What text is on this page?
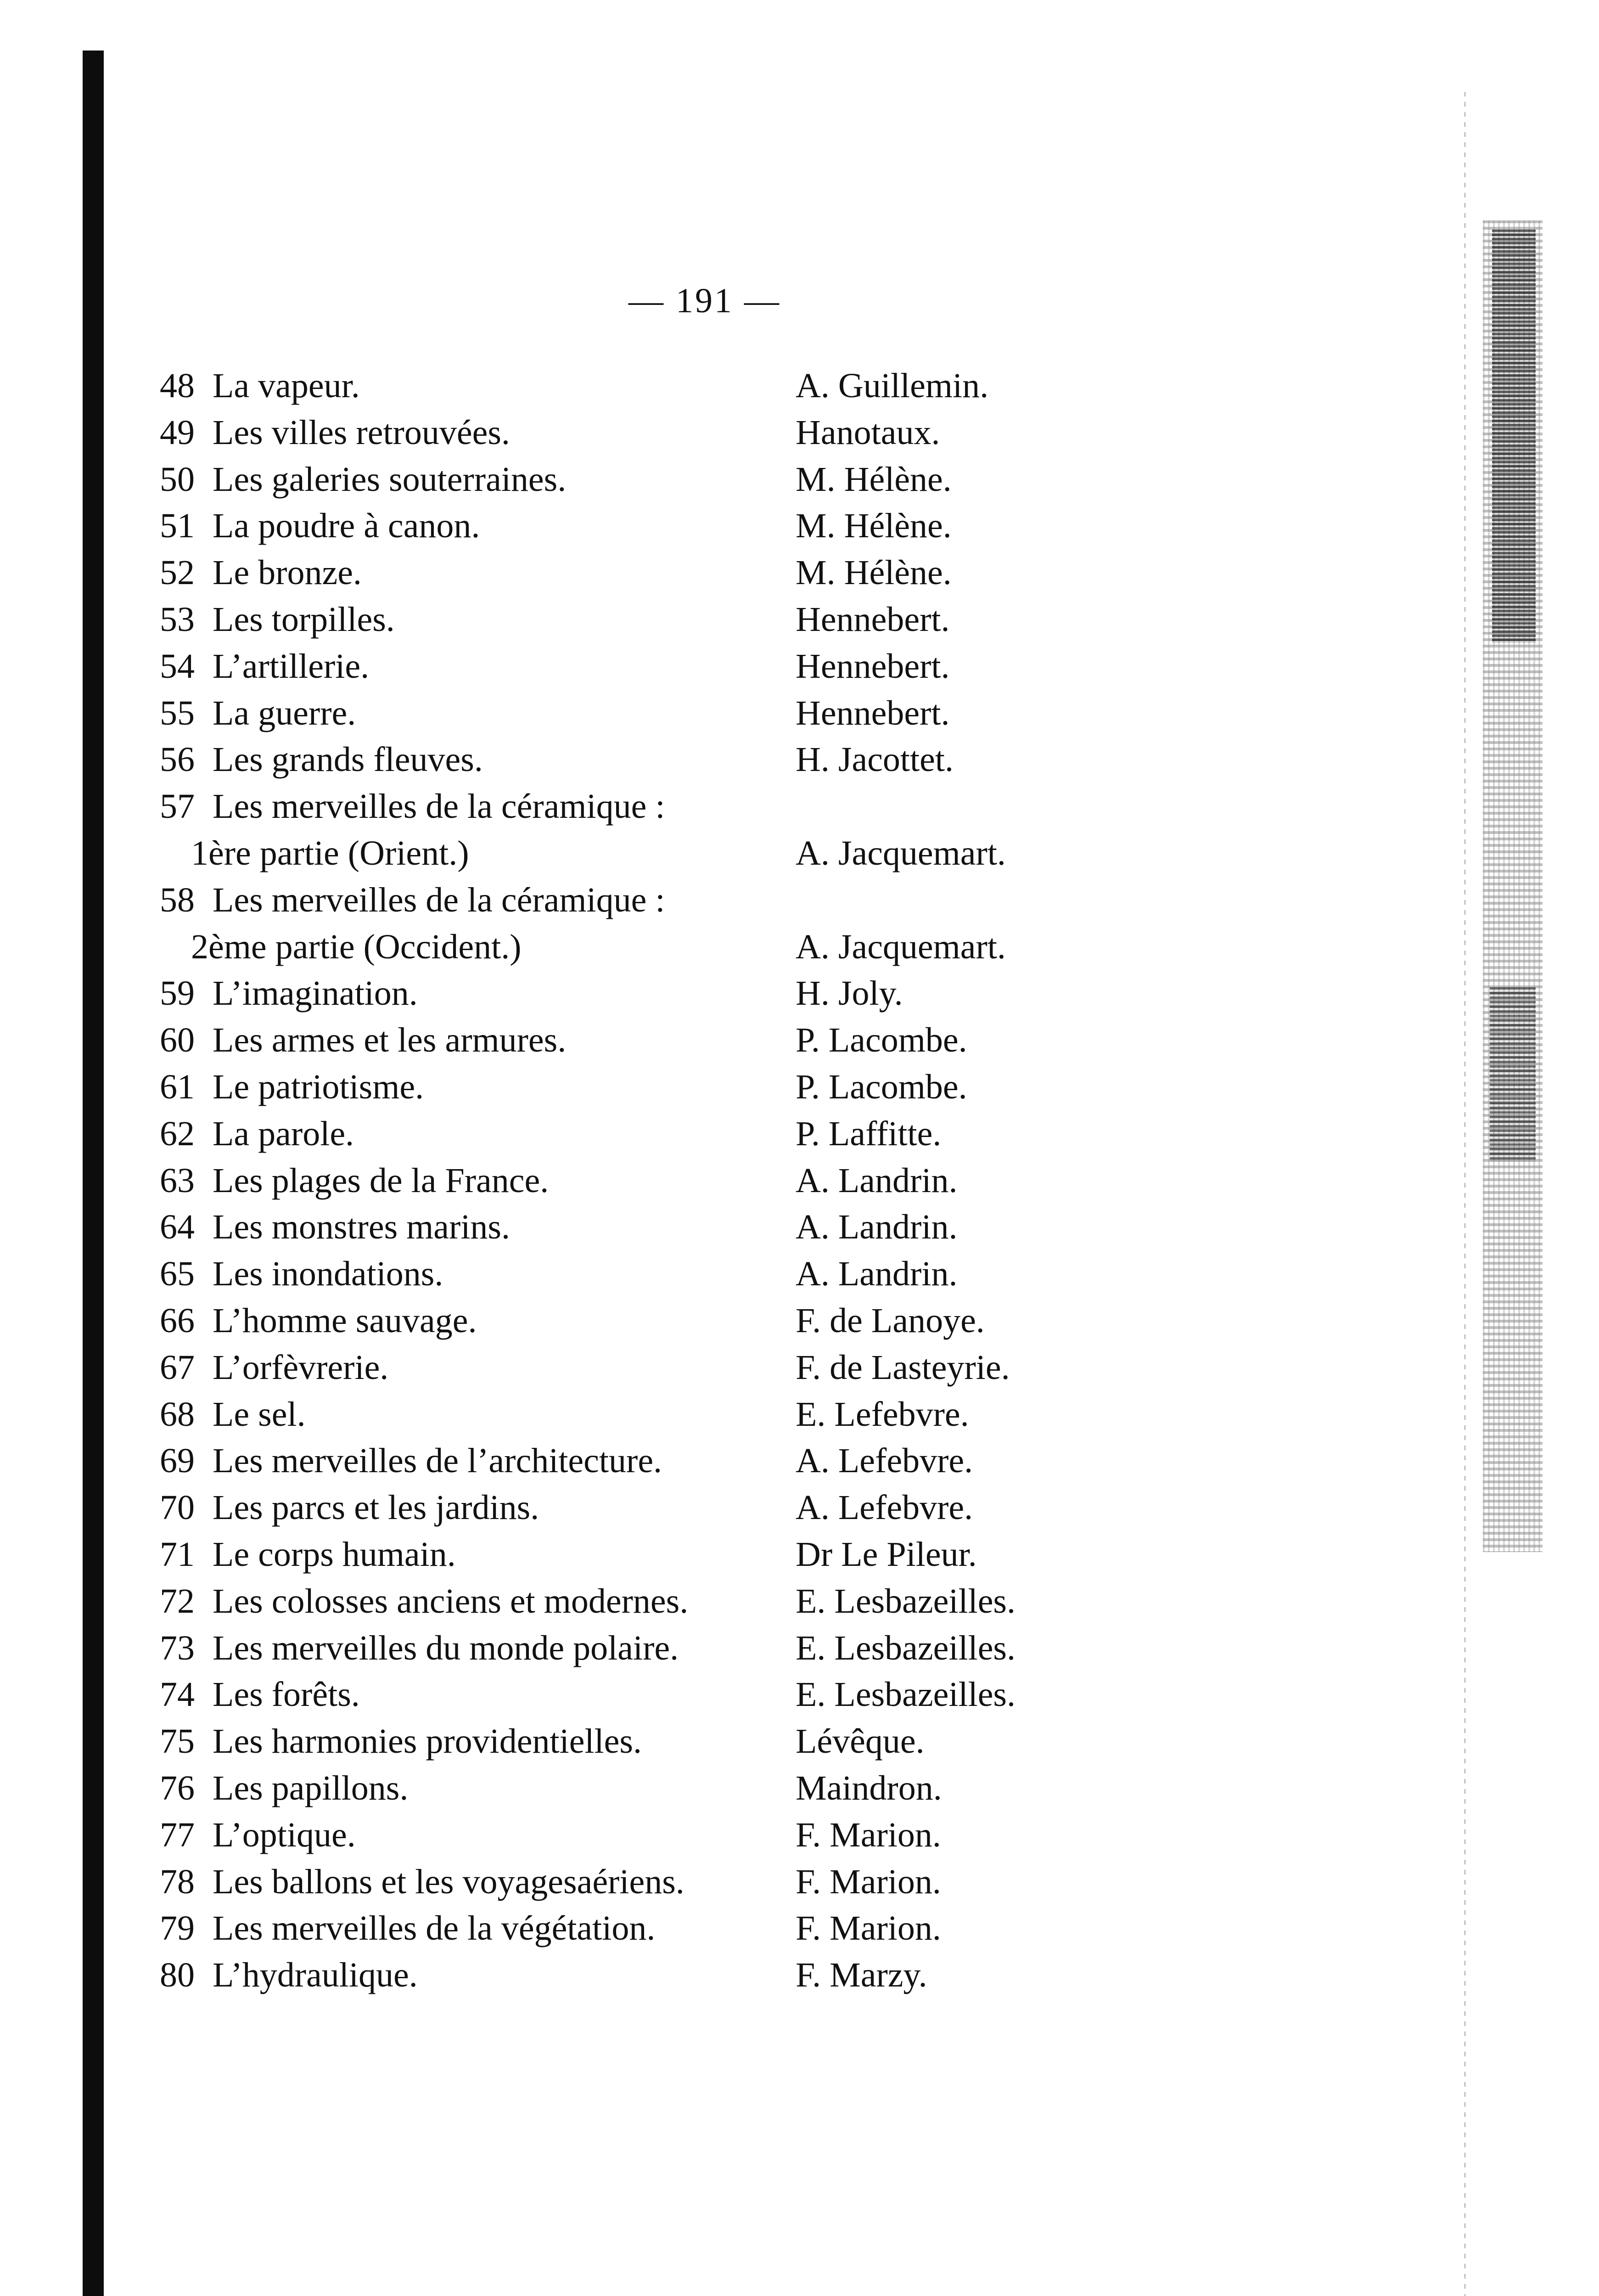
— 191 —
48 La vapeur.	A. Guillemin.
49 Les villes retrouvées.	Hanotaux.
50 Les galeries souterraines.	M. Hélène.
51 La poudre à canon.	M. Hélène.
52 Le bronze.	M. Hélène.
53 Les torpilles.	Hennebert.
54 L’artillerie.	Hennebert.
55 La guerre.	Hennebert.
56 Les grands fleuves.	H. Jacottet.
57 Les merveilles de la céramique :
1ère partie (Orient.)	A. Jacquemart.
58 Les merveilles de la céramique :
2ème partie (Occident.)	A. Jacquemart.
59 L’imagination.	H. Joly.
60 Les armes et les armures.	P. Lacombe.
61 Le patriotisme.	P. Lacombe.
62 La parole.	P. Laffitte.
63 Les plages de la France.	A. Landrin.
64 Les monstres marins.	A. Landrin.
65 Les inondations.	A. Landrin.
66 L’homme sauvage.	F. de Lanoye.
67 L’orfèvrerie.	F. de Lasteyrie.
68 Le sel.	E. Lefebvre.
69 Les merveilles de l’architecture.	A. Lefebvre.
70 Les parcs et les jardins.	A. Lefebvre.
71 Le corps humain.	Dr Le Pileur.
72 Les colosses anciens et modernes.	E. Lesbazeilles.
73 Les merveilles du monde polaire.	E. Lesbazeilles.
74 Les forêts.	E. Lesbazeilles.
75 Les harmonies providentielles.	Lévêque.
76 Les papillons.	Maindron.
77 L’optique.	F. Marion.
78 Les ballons et les voyagesaériens.	F. Marion.
79 Les merveilles de la végétation.	F. Marion.
80 L’hydraulique.	F. Marzy.
